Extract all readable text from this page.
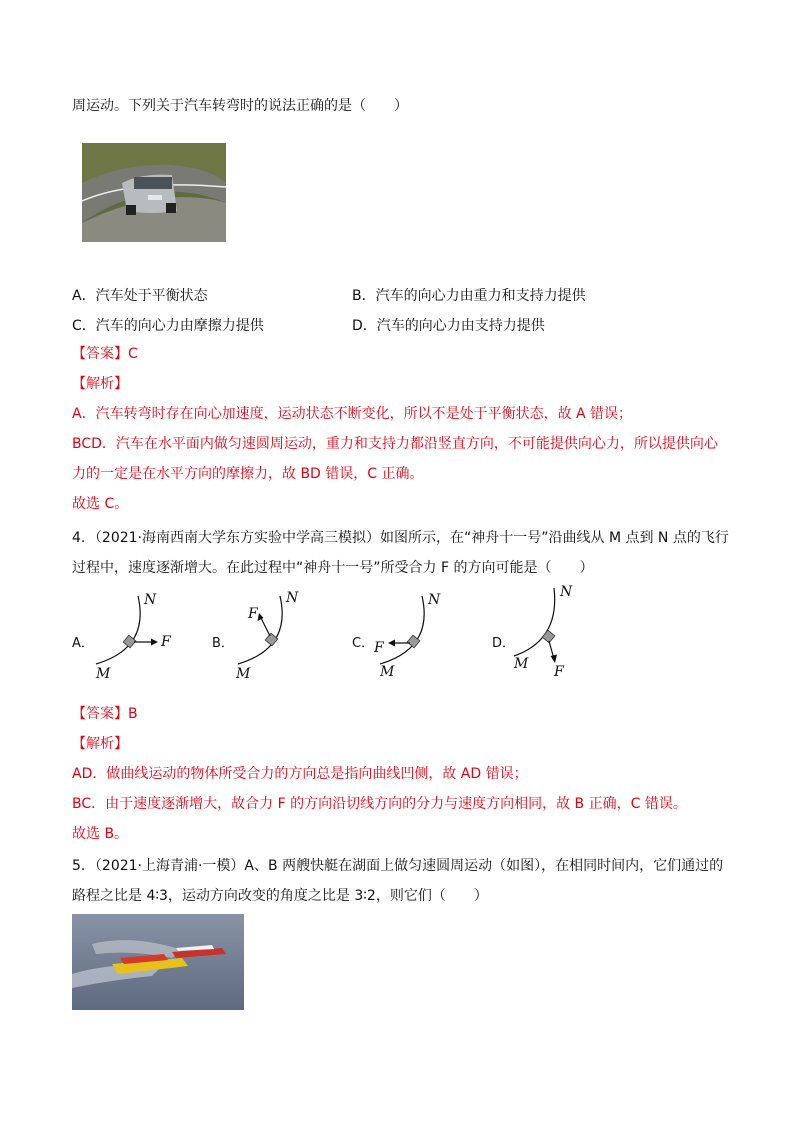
周运动。下列关于汽车转弯时的说法正确的是（　　）
A．汽车处于平衡状态	B．汽车的向心力由重力和支持力提供
C．汽车的向心力由摩擦力提供	D．汽车的向心力由支持力提供
【答案】C
【解析】
A．汽车转弯时存在向心加速度，运动状态不断变化，所以不是处于平衡状态，故 A 错误；
BCD．汽车在水平面内做匀速圆周运动，重力和支持力都沿竖直方向，不可能提供向心力，所以提供向心
力的一定是在水平方向的摩擦力，故 BD 错误，C 正确。
故选 C。
4．（2021·海南西南大学东方实验中学高三模拟）如图所示，在“神舟十一号”沿曲线从 M 点到 N 点的飞行
过程中，速度逐渐增大。在此过程中“神舟十一号”所受合力 F 的方向可能是（　　）
A．
N
M
F	B．
N
M
F
C．
N
M
F	D．
N
M F
【答案】B
【解析】
AD．做曲线运动的物体所受合力的方向总是指向曲线凹侧，故 AD 错误；
BC．由于速度逐渐增大，故合力 F 的方向沿切线方向的分力与速度方向相同，故 B 正确，C 错误。
故选 B。
5．（2021·上海青浦·一模）A、B 两艘快艇在湖面上做匀速圆周运动（如图），在相同时间内，它们通过的
路程之比是 4∶3，运动方向改变的角度之比是 3∶2，则它们（　　）
